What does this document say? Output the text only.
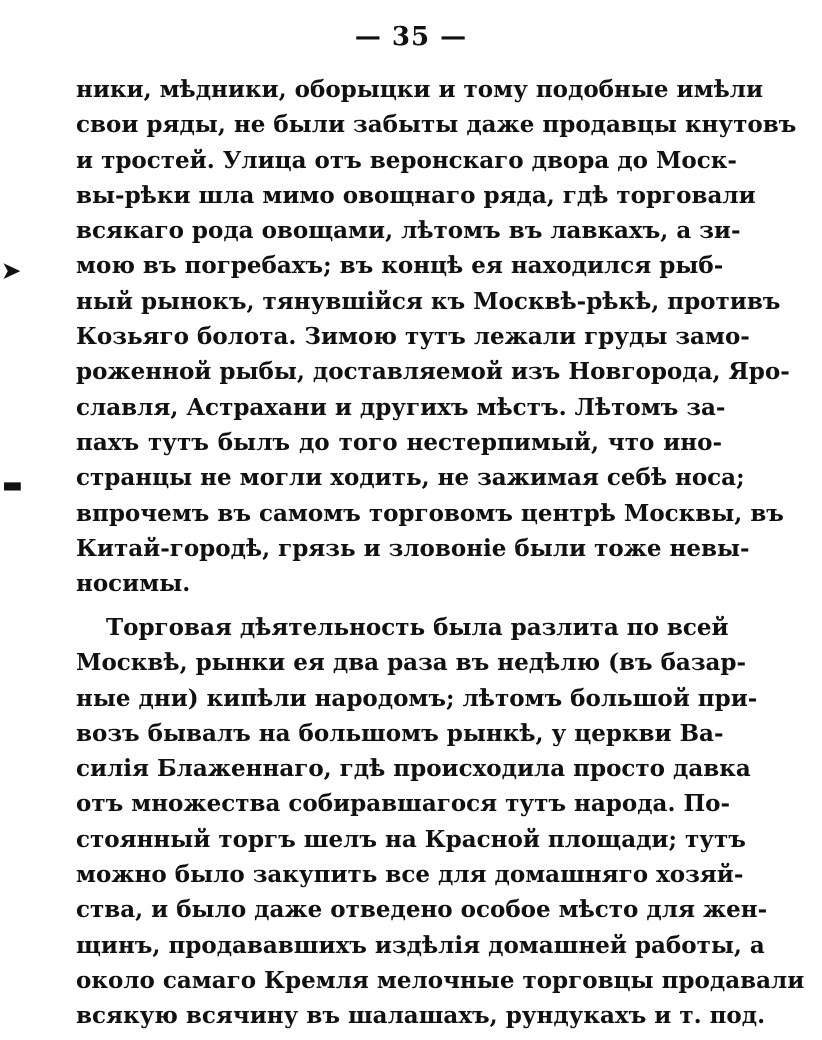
— 35 —
➤
▬
ники, мѣдники, оборыцки и тому подобные имѣли
свои ряды, не были забыты даже продавцы кнутовъ
и тростей. Улица отъ веронскаго двора до Моск-
вы-рѣки шла мимо овощнаго ряда, гдѣ торговали
всякаго рода овощами, лѣтомъ въ лавкахъ, а зи-
мою въ погребахъ; въ концѣ ея находился рыб-
ный рынокъ, тянувшійся къ Москвѣ-рѣкѣ, противъ
Козьяго болота. Зимою тутъ лежали груды замо-
роженной рыбы, доставляемой изъ Новгорода, Яро-
славля, Астрахани и другихъ мѣстъ. Лѣтомъ за-
пахъ тутъ былъ до того нестерпимый, что ино-
странцы не могли ходить, не зажимая себѣ носа;
впрочемъ въ самомъ торговомъ центрѣ Москвы, въ
Китай-городѣ, грязь и зловоніе были тоже невы-
носимы.
Торговая дѣятельность была разлита по всей
Москвѣ, рынки ея два раза въ недѣлю (въ базар-
ные дни) кипѣли народомъ; лѣтомъ большой при-
возъ бывалъ на большомъ рынкѣ, у церкви Ва-
силія Блаженнаго, гдѣ происходила просто давка
отъ множества собиравшагося тутъ народа. По-
стоянный торгъ шелъ на Красной площади; тутъ
можно было закупить все для домашняго хозяй-
ства, и было даже отведено особое мѣсто для жен-
щинъ, продававшихъ издѣлія домашней работы, а
около самаго Кремля мелочные торговцы продавали
всякую всячину въ шалашахъ, рундукахъ и т. под.
